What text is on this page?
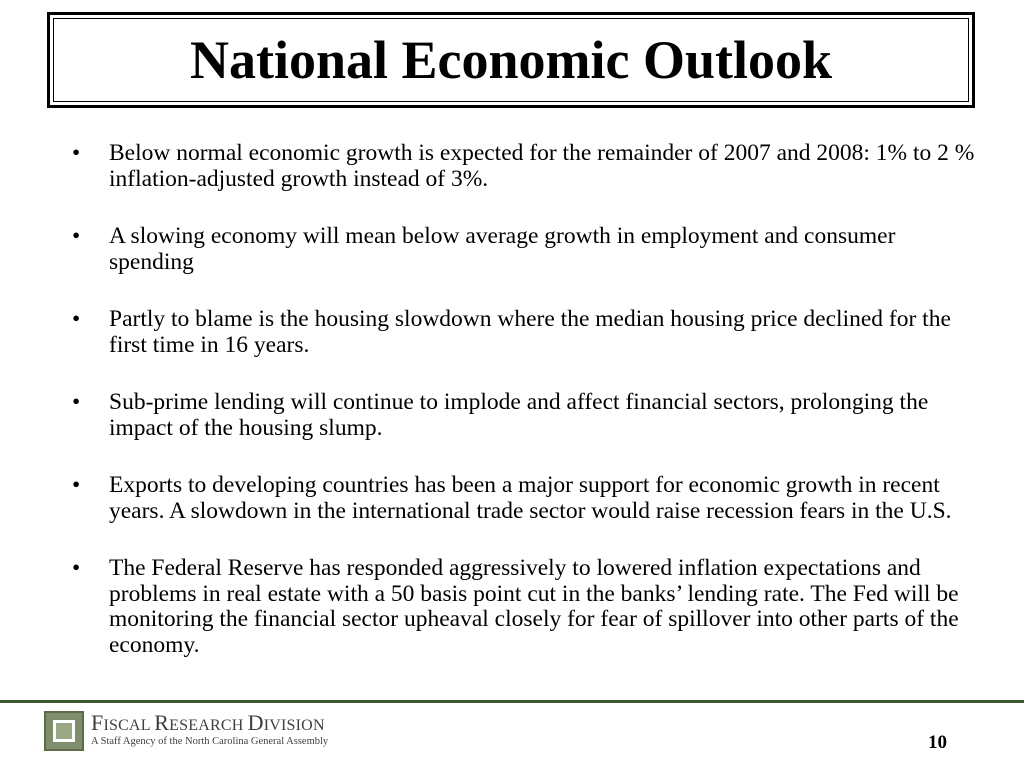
National Economic Outlook
• Below normal economic growth is expected for the remainder of 2007 and 2008: 1% to 2 % inflation-adjusted growth instead of 3%.
• A slowing economy will mean below average growth in employment and consumer spending
• Partly to blame is the housing slowdown where the median housing price declined for the first time in 16 years.
• Sub-prime lending will continue to implode and affect financial sectors, prolonging the impact of the housing slump.
• Exports to developing countries has been a major support for economic growth in recent years. A slowdown in the international trade sector would raise recession fears in the U.S.
• The Federal Reserve has responded aggressively to lowered inflation expectations and problems in real estate with a 50 basis point cut in the banks’ lending rate. The Fed will be monitoring the financial sector upheaval closely for fear of spillover into other parts of the economy.
FISCAL RESEARCH DIVISION
A Staff Agency of the North Carolina General Assembly	10
